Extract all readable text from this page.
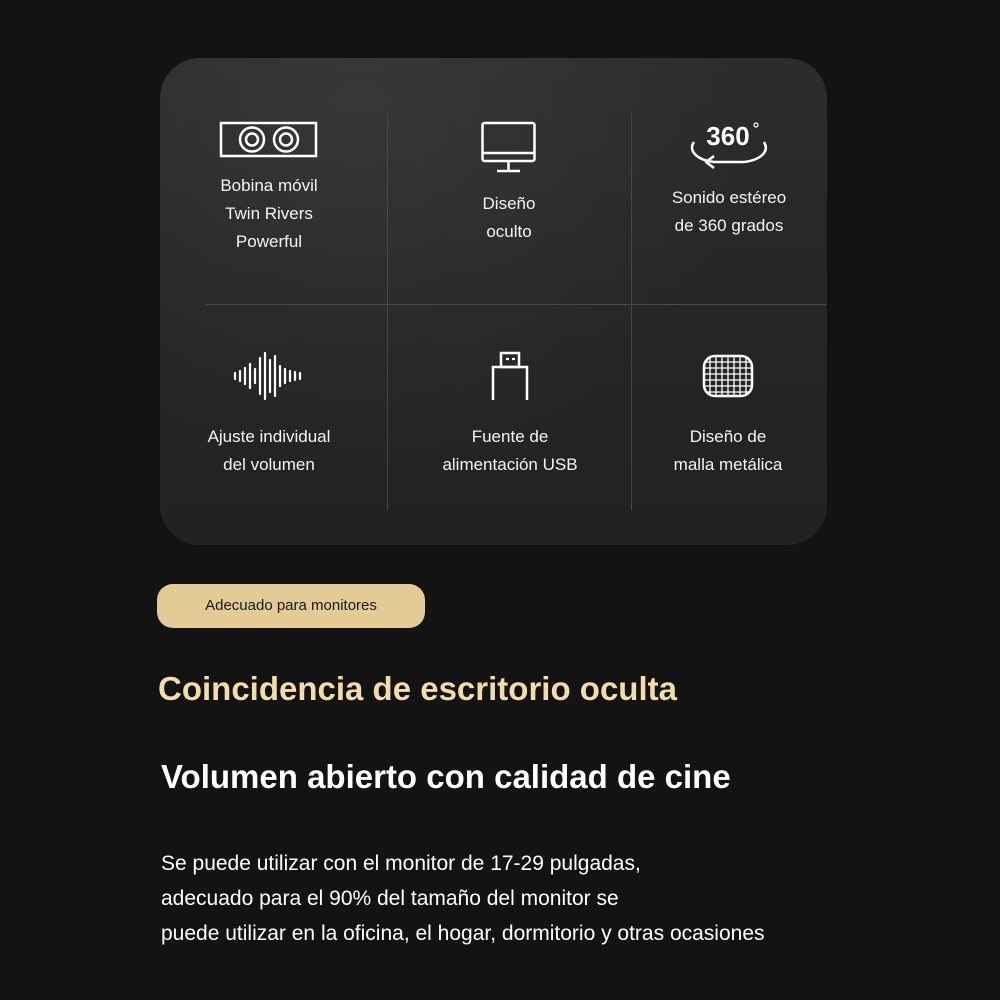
Bobina móvil
Twin Rivers
Powerful
Diseño
oculto
360
Sonido estéreo
de 360 grados
Ajuste individual
del volumen
Fuente de
alimentación USB
Diseño de
malla metálica
Adecuado para monitores
Coincidencia de escritorio oculta
Volumen abierto con calidad de cine
Se puede utilizar con el monitor de 17-29 pulgadas,
adecuado para el 90% del tamaño del monitor se
puede utilizar en la oficina, el hogar, dormitorio y otras ocasiones
